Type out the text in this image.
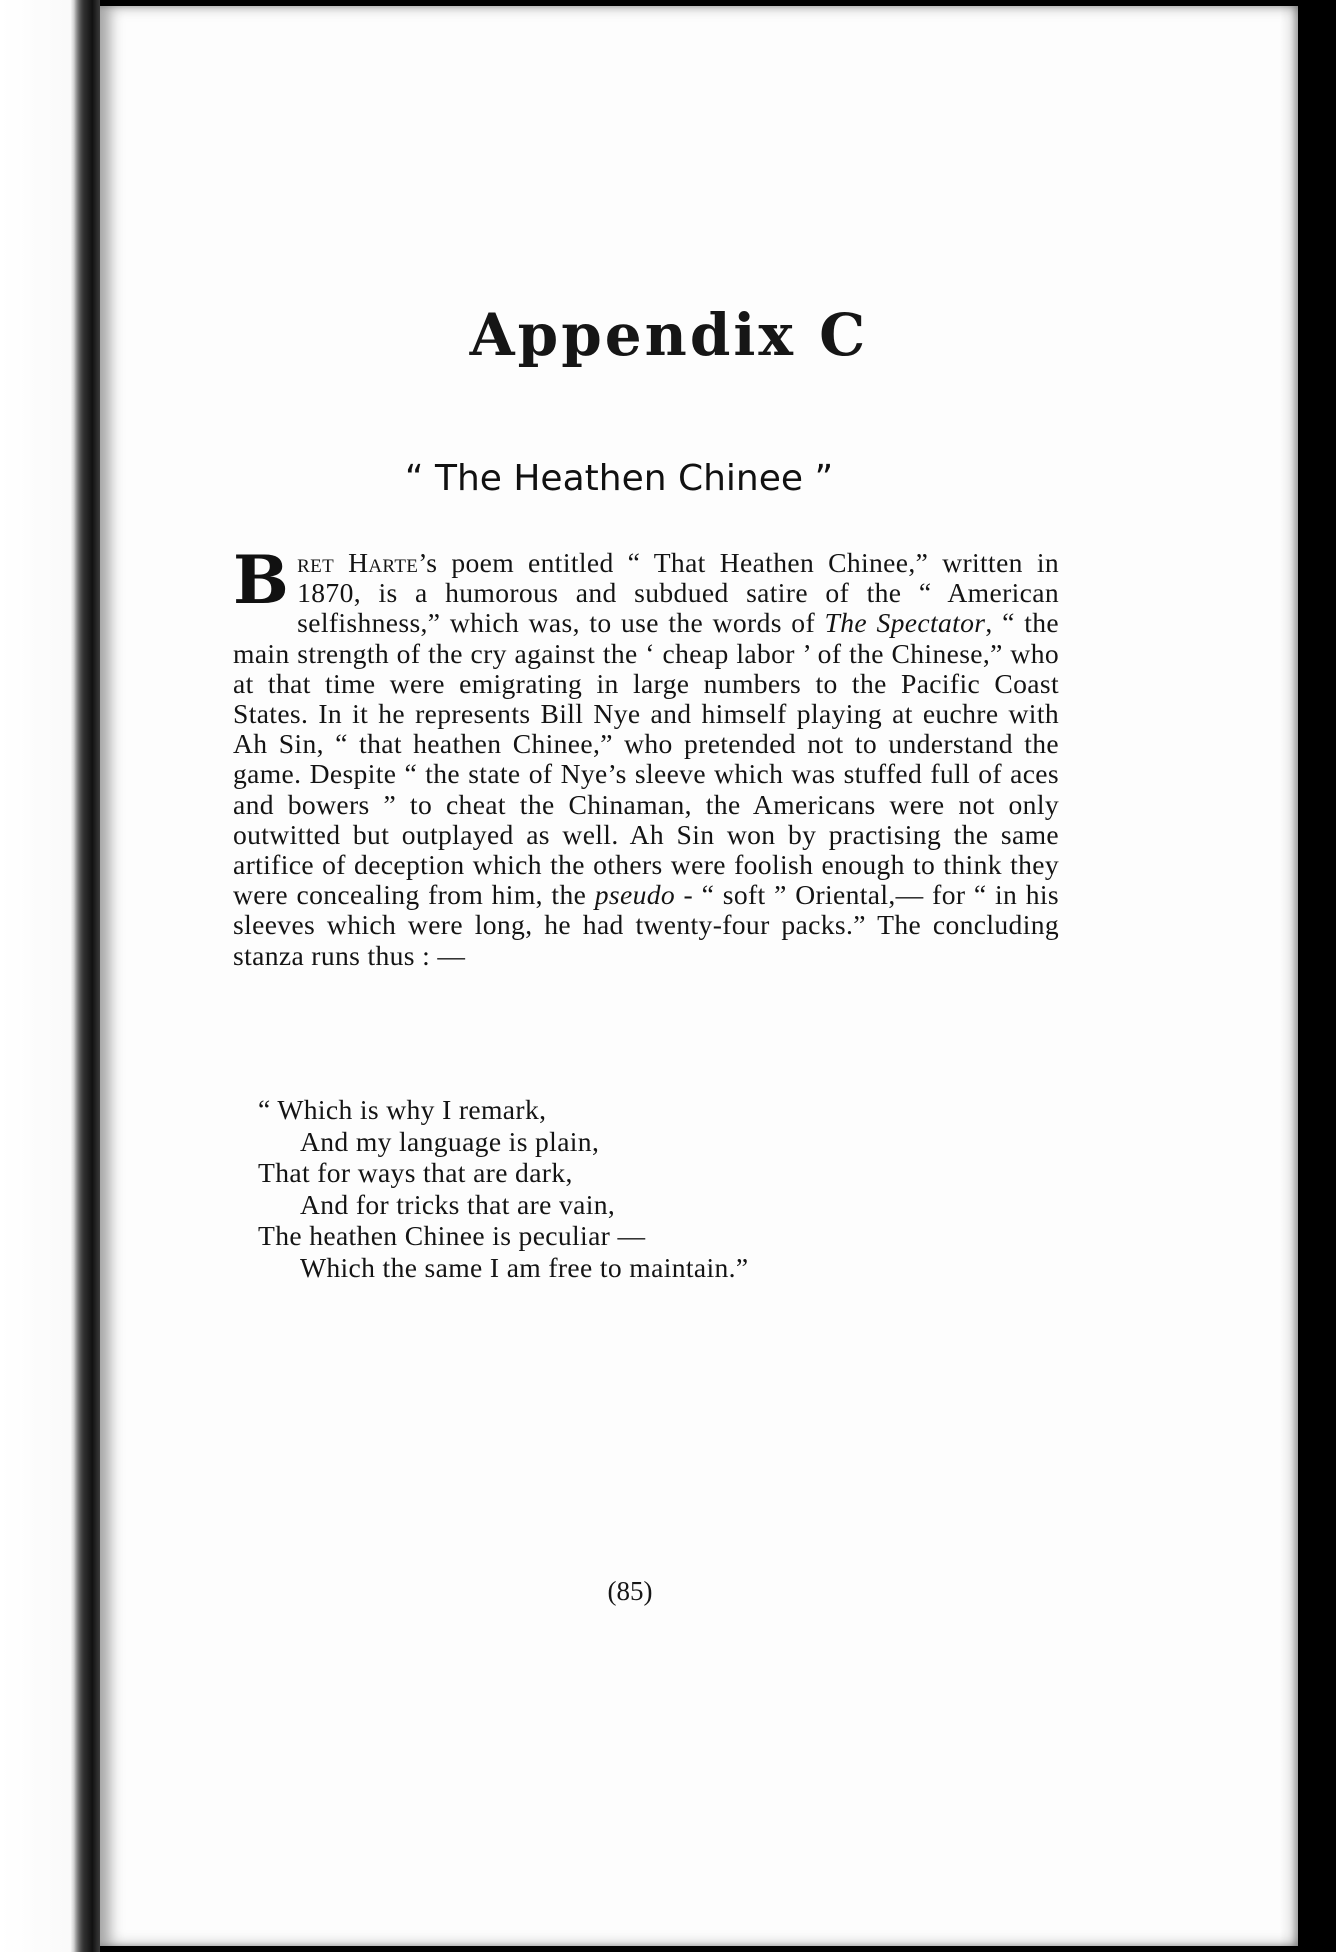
Appendix C
“ The Heathen Chinee ”

Bret Harte’s poem entitled “ That Heathen Chinee,” written in 1870, is a humorous and subdued satire of the “ American selfishness,” which was, to use the words of The Spectator, “ the main strength of the cry against the ‘ cheap labor ’ of the Chinese,” who at that time were emigrating in large numbers to the Pacific Coast States. In it he represents Bill Nye and himself playing at euchre with Ah Sin, “ that heathen Chinee,” who pretended not to understand the game. Despite “ the state of Nye’s sleeve which was stuffed full of aces and bowers ” to cheat the Chinaman, the Americans were not only outwitted but outplayed as well. Ah Sin won by practising the same artifice of deception which the others were foolish enough to think they were concealing from him, the pseudo - “ soft ” Oriental,— for “ in his sleeves which were long, he had twenty-four packs.” The concluding stanza runs thus : —

“ Which is why I remark,
And my language is plain,
That for ways that are dark,
And for tricks that are vain,
The heathen Chinee is peculiar —
Which the same I am free to maintain.”
(85)
